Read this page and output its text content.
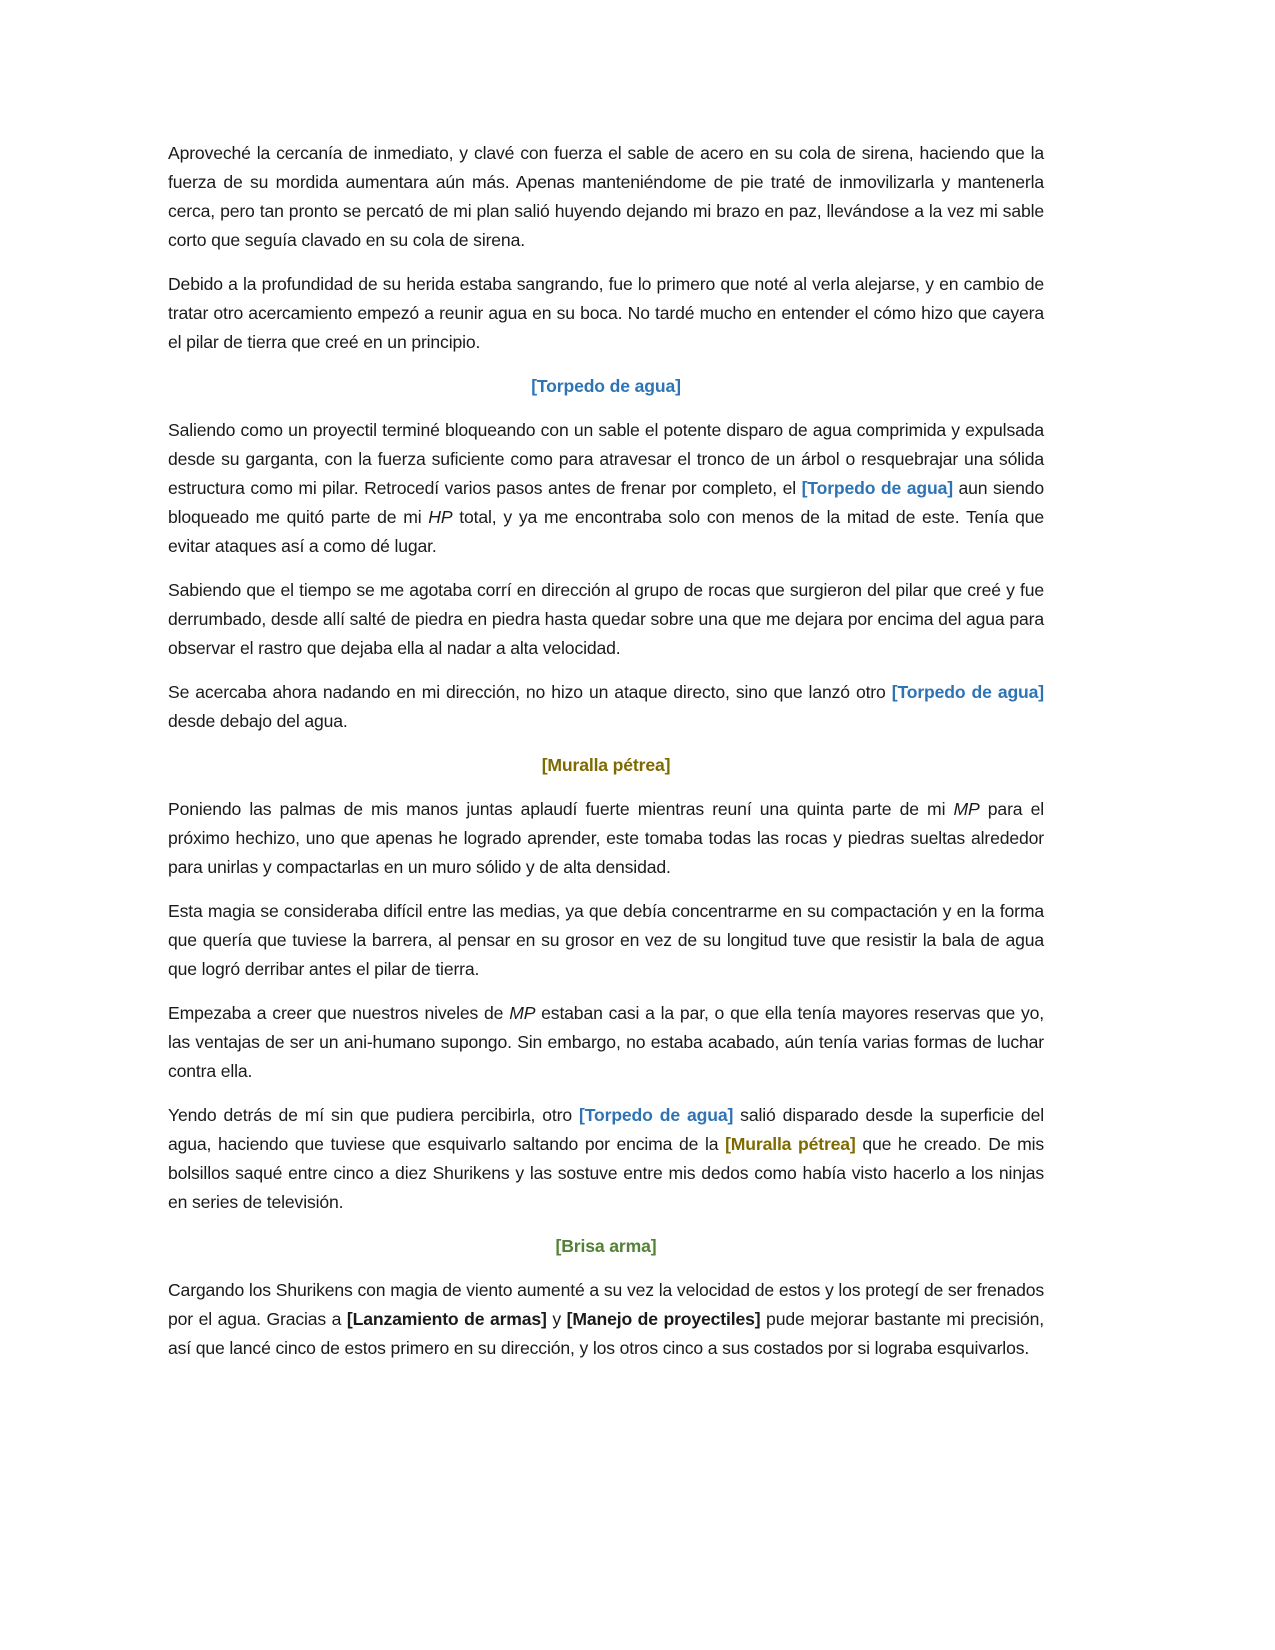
Aproveché la cercanía de inmediato, y clavé con fuerza el sable de acero en su cola de sirena, haciendo que la fuerza de su mordida aumentara aún más. Apenas manteniéndome de pie traté de inmovilizarla y mantenerla cerca, pero tan pronto se percató de mi plan salió huyendo dejando mi brazo en paz, llevándose a la vez mi sable corto que seguía clavado en su cola de sirena.

Debido a la profundidad de su herida estaba sangrando, fue lo primero que noté al verla alejarse, y en cambio de tratar otro acercamiento empezó a reunir agua en su boca. No tardé mucho en entender el cómo hizo que cayera el pilar de tierra que creé en un principio.

[Torpedo de agua]

Saliendo como un proyectil terminé bloqueando con un sable el potente disparo de agua comprimida y expulsada desde su garganta, con la fuerza suficiente como para atravesar el tronco de un árbol o resquebrajar una sólida estructura como mi pilar. Retrocedí varios pasos antes de frenar por completo, el [Torpedo de agua] aun siendo bloqueado me quitó parte de mi HP total, y ya me encontraba solo con menos de la mitad de este. Tenía que evitar ataques así a como dé lugar.

Sabiendo que el tiempo se me agotaba corrí en dirección al grupo de rocas que surgieron del pilar que creé y fue derrumbado, desde allí salté de piedra en piedra hasta quedar sobre una que me dejara por encima del agua para observar el rastro que dejaba ella al nadar a alta velocidad.

Se acercaba ahora nadando en mi dirección, no hizo un ataque directo, sino que lanzó otro [Torpedo de agua] desde debajo del agua.

[Muralla pétrea]

Poniendo las palmas de mis manos juntas aplaudí fuerte mientras reuní una quinta parte de mi MP para el próximo hechizo, uno que apenas he logrado aprender, este tomaba todas las rocas y piedras sueltas alrededor para unirlas y compactarlas en un muro sólido y de alta densidad.

Esta magia se consideraba difícil entre las medias, ya que debía concentrarme en su compactación y en la forma que quería que tuviese la barrera, al pensar en su grosor en vez de su longitud tuve que resistir la bala de agua que logró derribar antes el pilar de tierra.

Empezaba a creer que nuestros niveles de MP estaban casi a la par, o que ella tenía mayores reservas que yo, las ventajas de ser un ani-humano supongo. Sin embargo, no estaba acabado, aún tenía varias formas de luchar contra ella.

Yendo detrás de mí sin que pudiera percibirla, otro [Torpedo de agua] salió disparado desde la superficie del agua, haciendo que tuviese que esquivarlo saltando por encima de la [Muralla pétrea] que he creado. De mis bolsillos saqué entre cinco a diez Shurikens y las sostuve entre mis dedos como había visto hacerlo a los ninjas en series de televisión.

[Brisa arma]

Cargando los Shurikens con magia de viento aumenté a su vez la velocidad de estos y los protegí de ser frenados por el agua. Gracias a [Lanzamiento de armas] y [Manejo de proyectiles] pude mejorar bastante mi precisión, así que lancé cinco de estos primero en su dirección, y los otros cinco a sus costados por si lograba esquivarlos.
